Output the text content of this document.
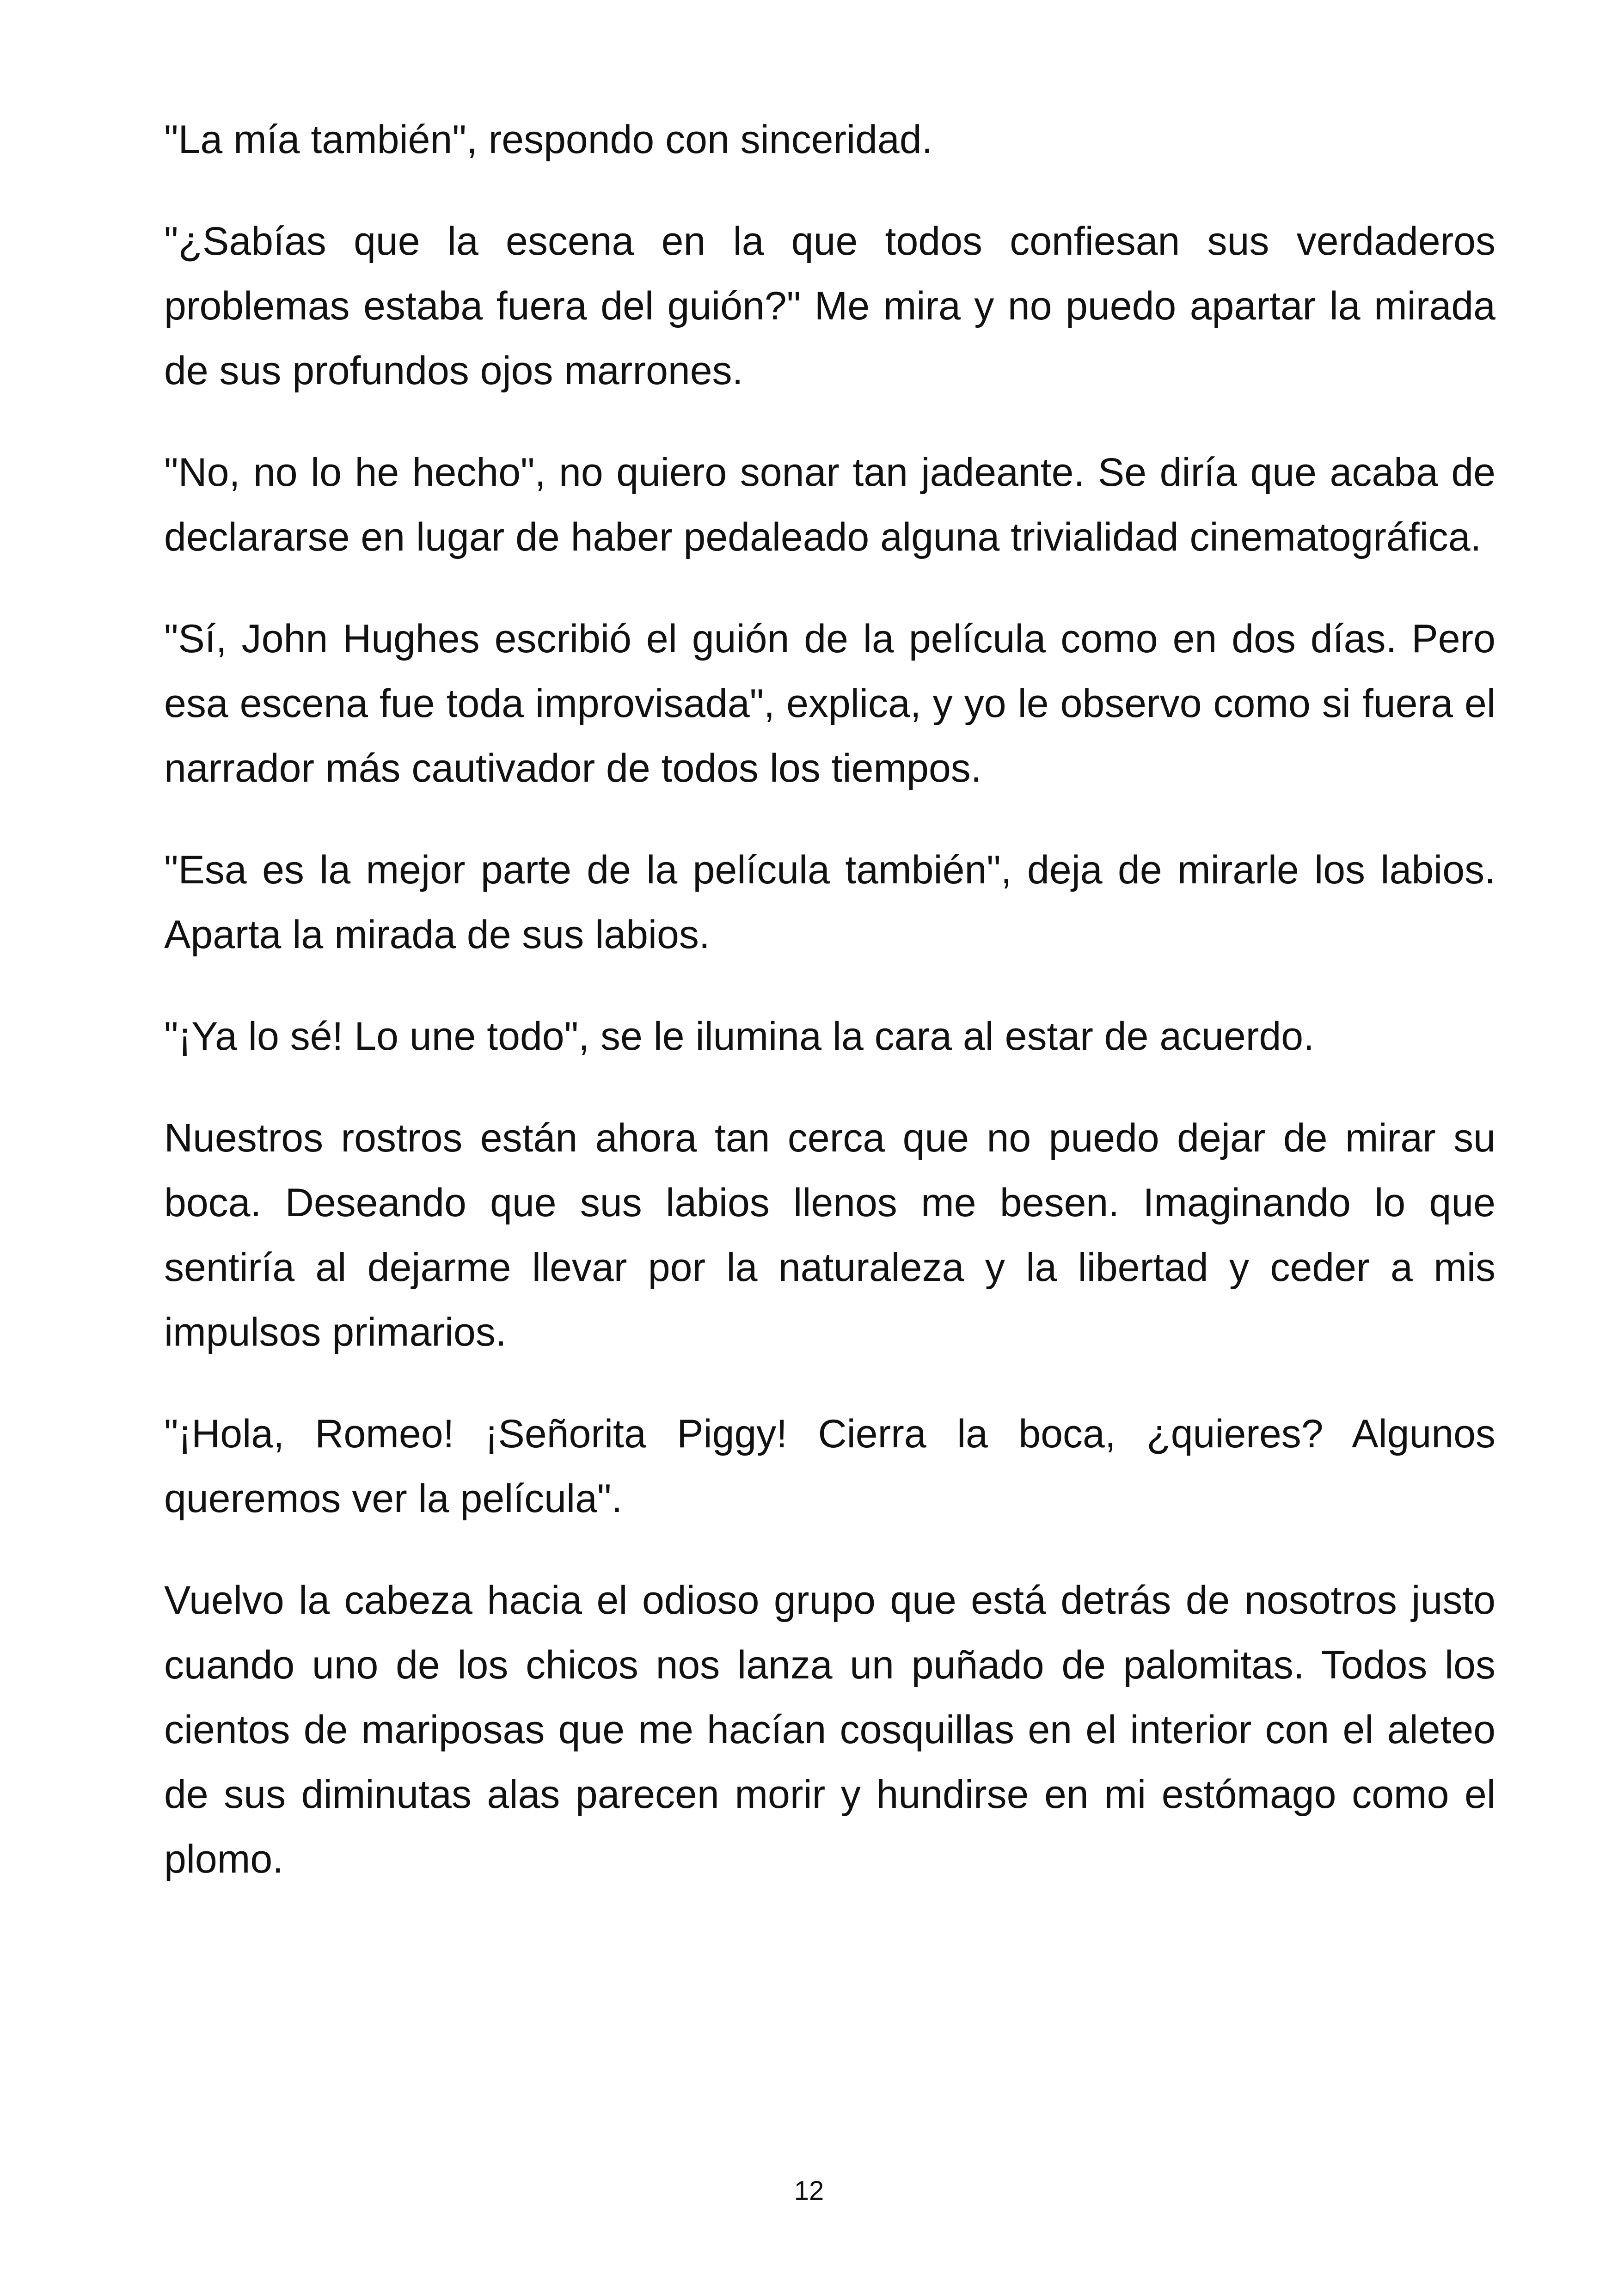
"La mía también", respondo con sinceridad.

"¿Sabías que la escena en la que todos confiesan sus verdaderos problemas estaba fuera del guión?" Me mira y no puedo apartar la mirada de sus profundos ojos marrones.

"No, no lo he hecho", no quiero sonar tan jadeante. Se diría que acaba de declararse en lugar de haber pedaleado alguna trivialidad cinematográfica.

"Sí, John Hughes escribió el guión de la película como en dos días. Pero esa escena fue toda improvisada", explica, y yo le observo como si fuera el narrador más cautivador de todos los tiempos.

"Esa es la mejor parte de la película también", deja de mirarle los labios. Aparta la mirada de sus labios.

"¡Ya lo sé! Lo une todo", se le ilumina la cara al estar de acuerdo.

Nuestros rostros están ahora tan cerca que no puedo dejar de mirar su boca. Deseando que sus labios llenos me besen. Imaginando lo que sentiría al dejarme llevar por la naturaleza y la libertad y ceder a mis impulsos primarios.

"¡Hola, Romeo! ¡Señorita Piggy! Cierra la boca, ¿quieres? Algunos queremos ver la película".

Vuelvo la cabeza hacia el odioso grupo que está detrás de nosotros justo cuando uno de los chicos nos lanza un puñado de palomitas. Todos los cientos de mariposas que me hacían cosquillas en el interior con el aleteo de sus diminutas alas parecen morir y hundirse en mi estómago como el plomo.

12
